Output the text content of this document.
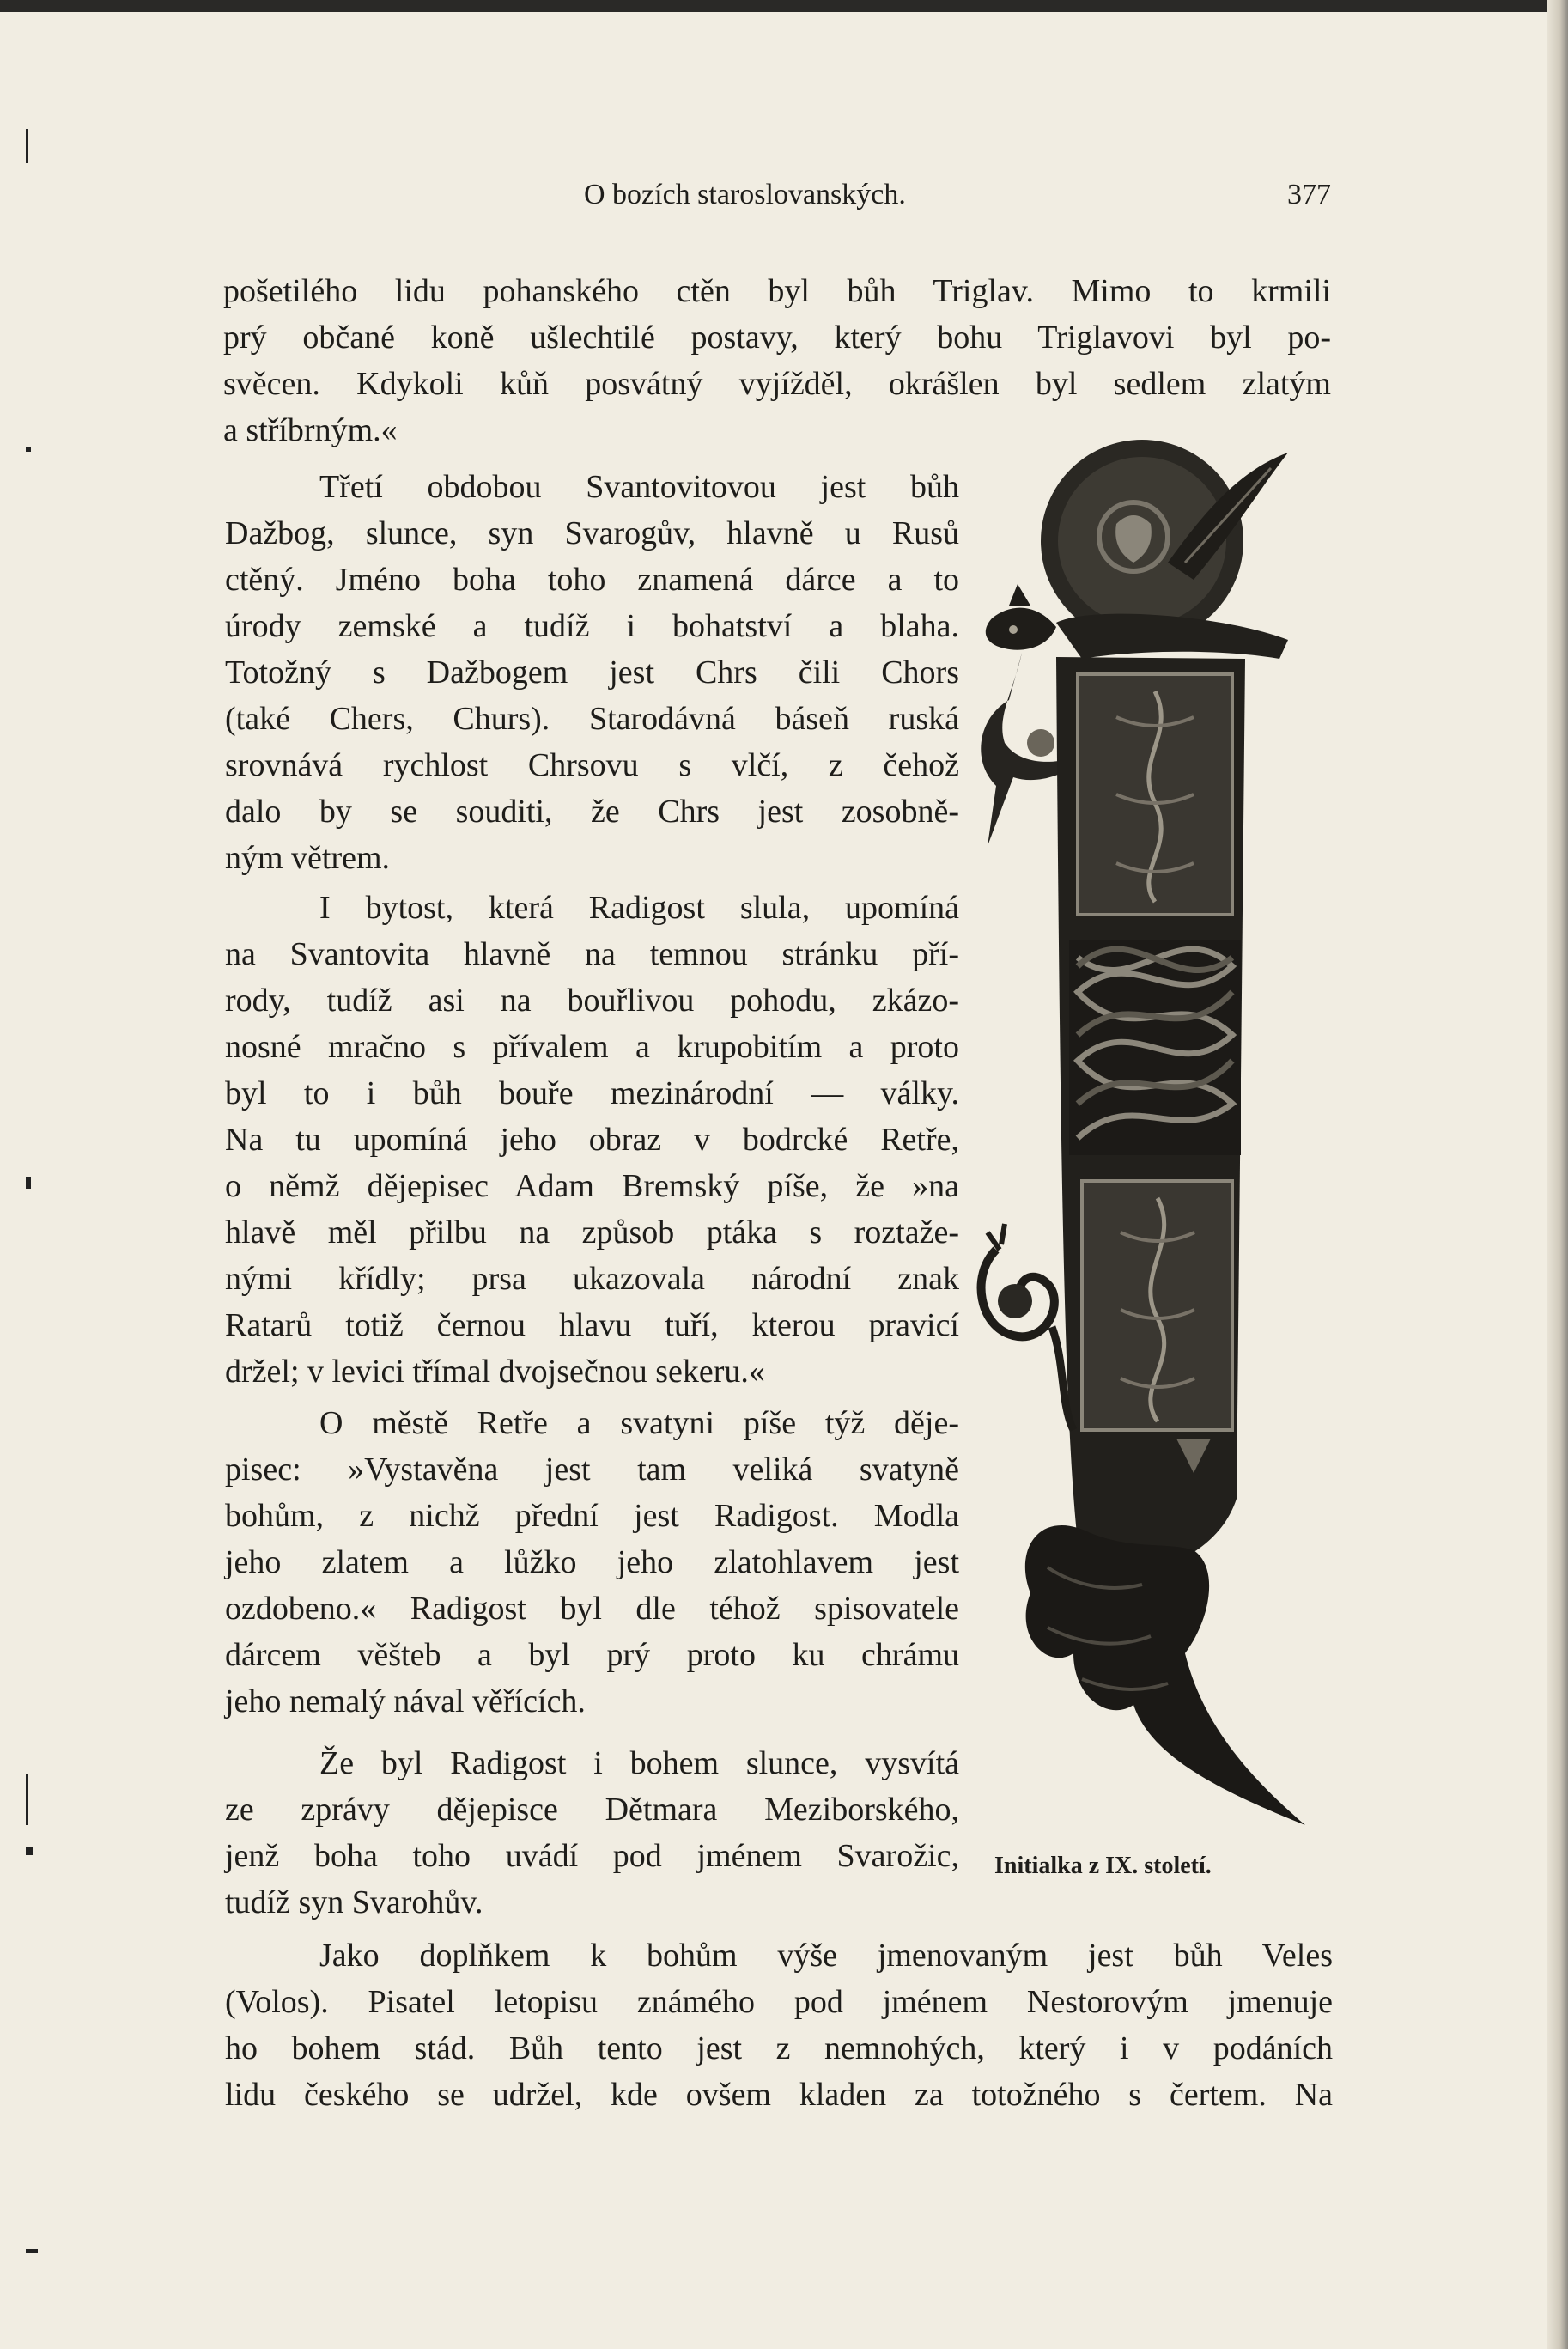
O bozích staroslovanských.	377

pošetilého lidu pohanského ctěn byl bůh Triglav. Mimo to krmili
prý občané koně ušlechtilé postavy, který bohu Triglavovi byl po-
svěcen. Kdykoli kůň posvátný vyjížděl, okrášlen byl sedlem zlatým
a stříbrným.«

Třetí obdobou Svantovitovou jest bůh
Dažbog, slunce, syn Svarogův, hlavně u Rusů
ctěný. Jméno boha toho znamená dárce a to
úrody zemské a tudíž i bohatství a blaha.
Totožný s Dažbogem jest Chrs čili Chors
(také Chers, Churs). Starodávná báseň ruská
srovnává rychlost Chrsovu s vlčí, z čehož
dalo by se souditi, že Chrs jest zosobně-
ným větrem.

I bytost, která Radigost slula, upomíná
na Svantovita hlavně na temnou stránku pří-
rody, tudíž asi na bouřlivou pohodu, zkázo-
nosné mračno s přívalem a krupobitím a proto
byl to i bůh bouře mezinárodní — války.
Na tu upomíná jeho obraz v bodrcké Retře,
o němž dějepisec Adam Bremský píše, že »na
hlavě měl přilbu na způsob ptáka s roztaže-
nými křídly; prsa ukazovala národní znak
Ratarů totiž černou hlavu tuří, kterou pravicí
držel; v levici třímal dvojsečnou sekeru.«

O městě Retře a svatyni píše týž děje-
pisec: »Vystavěna jest tam veliká svatyně
bohům, z nichž přední jest Radigost. Modla
jeho zlatem a lůžko jeho zlatohlavem jest
ozdobeno.« Radigost byl dle téhož spisovatele
dárcem věšteb a byl prý proto ku chrámu
jeho nemalý nával věřících.

Že byl Radigost i bohem slunce, vysvítá
ze zprávy dějepisce Dětmara Meziborského,
jenž boha toho uvádí pod jménem Svarožic,
tudíž syn Svarohův.

Jako doplňkem k bohům výše jmenovaným jest bůh Veles
(Volos). Pisatel letopisu známého pod jménem Nestorovým jmenuje
ho bohem stád. Bůh tento jest z nemnohých, který i v podáních
lidu českého se udržel, kde ovšem kladen za totožného s čertem. Na

Initialka z IX. století.
